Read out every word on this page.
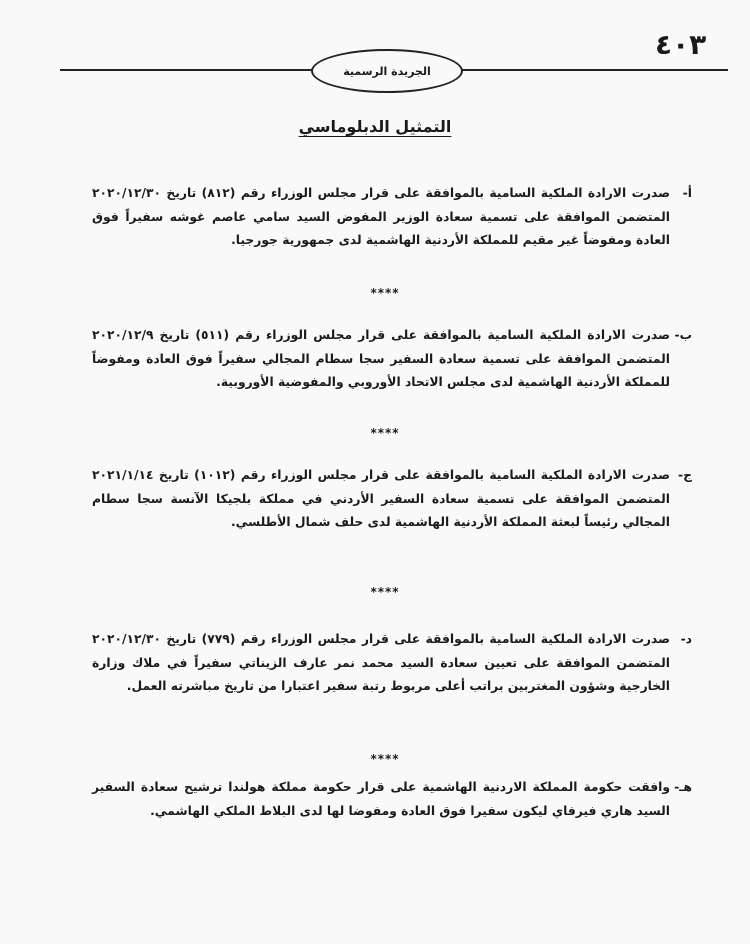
٤٠٣
الجريدة الرسمية
التمثيل الدبلوماسي
أ-
صدرت الارادة الملكية السامية بالموافقة على قرار مجلس الوزراء رقم (٨١٢) تاريخ ٢٠٢٠/١٢/٣٠ المتضمن الموافقة على تسمية سعادة الوزير المفوض السيد سامي عاصم غوشه سفيراً فوق العادة ومفوضاً غير مقيم للمملكة الأردنية الهاشمية لدى جمهورية جورجيا.
****
ب-
صدرت الارادة الملكية السامية بالموافقة على قرار مجلس الوزراء رقم (٥١١) تاريخ ٢٠٢٠/١٢/٩ المتضمن الموافقة على تسمية سعادة السفير سجا سطام المجالي سفيراً فوق العادة ومفوضاً للمملكة الأردنية الهاشمية لدى مجلس الاتحاد الأوروبي والمفوضية الأوروبية.
****
ج-
صدرت الارادة الملكية السامية بالموافقة على قرار مجلس الوزراء رقم (١٠١٢) تاريخ ٢٠٢١/١/١٤ المتضمن الموافقة على تسمية سعادة السفير الأردني في مملكة بلجيكا الآنسة سجا سطام المجالي رئيساً لبعثة المملكة الأردنية الهاشمية لدى حلف شمال الأطلسي.
****
د-
صدرت الارادة الملكية السامية بالموافقة على قرار مجلس الوزراء رقم (٧٧٩) تاريخ ٢٠٢٠/١٢/٣٠ المتضمن الموافقة على تعيين سعادة السيد محمد نمر عارف الزيناتي سفيراً في ملاك وزارة الخارجية وشؤون المغتربين براتب أعلى مربوط رتبة سفير اعتبارا من تاريخ مباشرته العمل.
****
هـ-
وافقت حكومة المملكة الاردنية الهاشمية على قرار حكومة مملكة هولندا ترشيح سعادة السفير السيد هاري فيرفاي ليكون سفيرا فوق العادة ومفوضا لها لدى البلاط الملكي الهاشمي.
